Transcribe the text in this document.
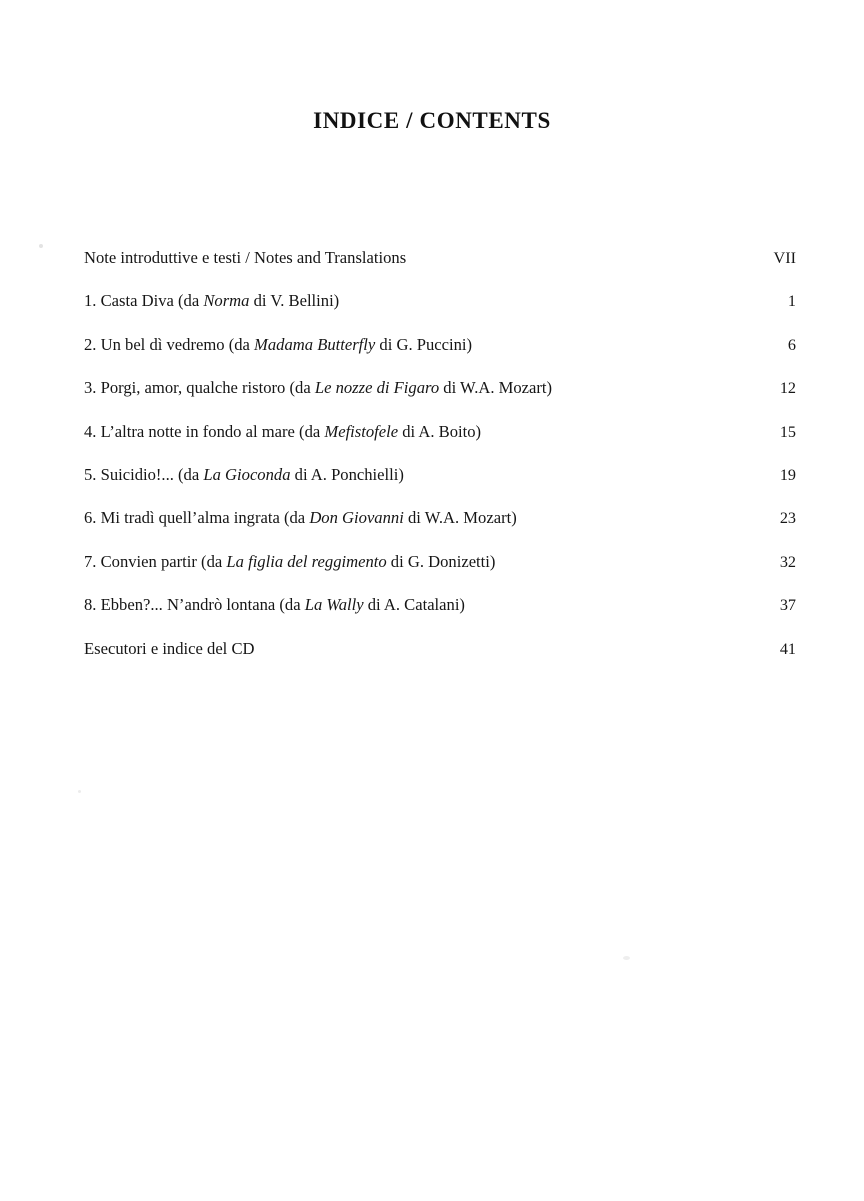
INDICE / CONTENTS
Note introduttive e testi / Notes and Translations	VII
1. Casta Diva (da Norma di V. Bellini)	1
2. Un bel dì vedremo (da Madama Butterfly di G. Puccini)	6
3. Porgi, amor, qualche ristoro (da Le nozze di Figaro di W.A. Mozart)	12
4. L’altra notte in fondo al mare (da Mefistofele di A. Boito)	15
5. Suicidio!... (da La Gioconda di A. Ponchielli)	19
6. Mi tradì quell’alma ingrata (da Don Giovanni di W.A. Mozart)	23
7. Convien partir (da La figlia del reggimento di G. Donizetti)	32
8. Ebben?... N’andrò lontana (da La Wally di A. Catalani)	37
Esecutori e indice del CD	41
